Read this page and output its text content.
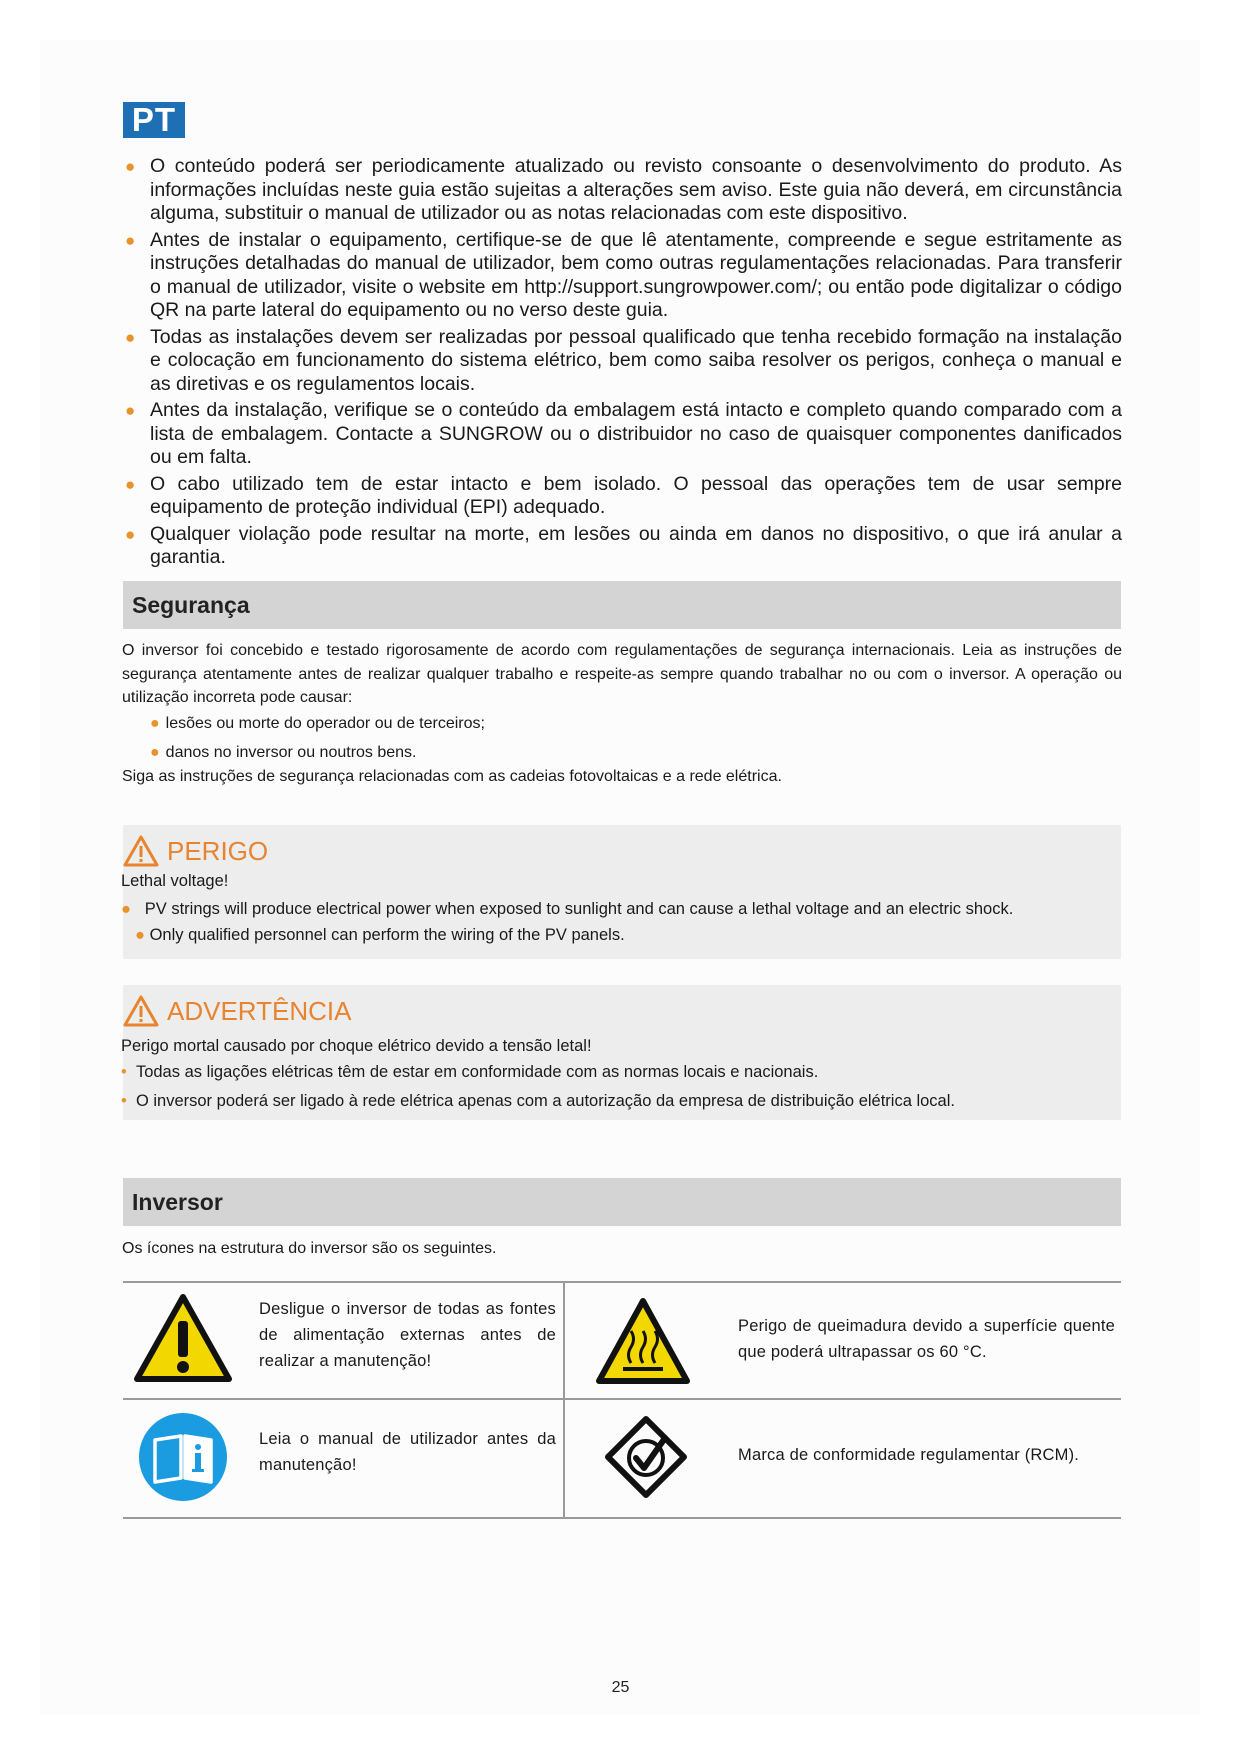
PT
● O conteúdo poderá ser periodicamente atualizado ou revisto consoante o desenvolvimento do produto. As informações incluídas neste guia estão sujeitas a alterações sem aviso. Este guia não deverá, em circunstância alguma, substituir o manual de utilizador ou as notas relacionadas com este dispositivo.
● Antes de instalar o equipamento, certifique-se de que lê atentamente, compreende e segue estritamente as instruções detalhadas do manual de utilizador, bem como outras regulamentações relacionadas. Para transferir o manual de utilizador, visite o website em http://support.sungrowpower.com/; ou então pode digitalizar o código QR na parte lateral do equipamento ou no verso deste guia.
● Todas as instalações devem ser realizadas por pessoal qualificado que tenha recebido formação na instalação e colocação em funcionamento do sistema elétrico, bem como saiba resolver os perigos, conheça o manual e as diretivas e os regulamentos locais.
● Antes da instalação, verifique se o conteúdo da embalagem está intacto e completo quando comparado com a lista de embalagem. Contacte a SUNGROW ou o distribuidor no caso de quaisquer componentes danificados ou em falta.
● O cabo utilizado tem de estar intacto e bem isolado. O pessoal das operações tem de usar sempre equipamento de proteção individual (EPI) adequado.
● Qualquer violação pode resultar na morte, em lesões ou ainda em danos no dispositivo, o que irá anular a garantia.
Segurança
O inversor foi concebido e testado rigorosamente de acordo com regulamentações de segurança internacionais. Leia as instruções de segurança atentamente antes de realizar qualquer trabalho e respeite-as sempre quando trabalhar no ou com o inversor. A operação ou utilização incorreta pode causar:
● lesões ou morte do operador ou de terceiros;
● danos no inversor ou noutros bens.
Siga as instruções de segurança relacionadas com as cadeias fotovoltaicas e a rede elétrica.
PERIGO
Lethal voltage!
● PV strings will produce electrical power when exposed to sunlight and can cause a lethal voltage and an electric shock.
● Only qualified personnel can perform the wiring of the PV panels.
ADVERTÊNCIA
Perigo mortal causado por choque elétrico devido a tensão letal!
• Todas as ligações elétricas têm de estar em conformidade com as normas locais e nacionais.
• O inversor poderá ser ligado à rede elétrica apenas com a autorização da empresa de distribuição elétrica local.
Inversor
Os ícones na estrutura do inversor são os seguintes.
Desligue o inversor de todas as fontes de alimentação externas antes de realizar a manutenção!
Perigo de queimadura devido a superfície quente que poderá ultrapassar os 60 °C.
Leia o manual de utilizador antes da manutenção!
Marca de conformidade regulamentar (RCM).
25
